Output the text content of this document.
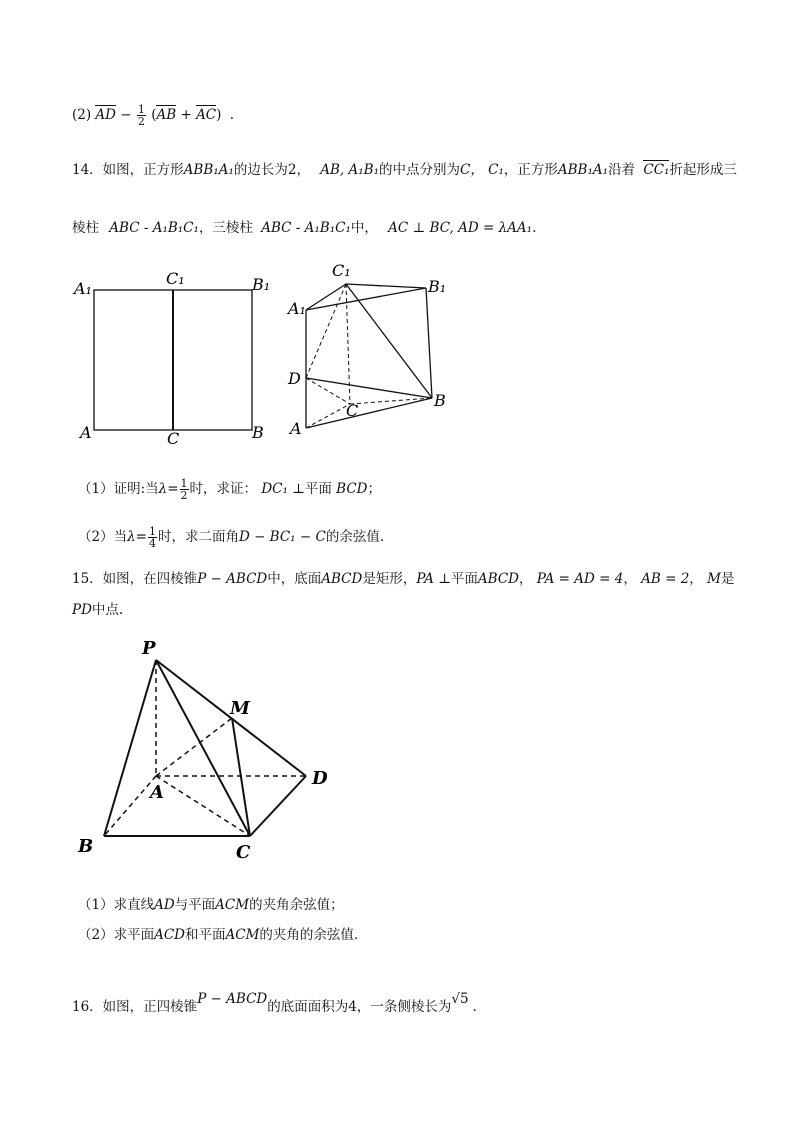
(2) AD − $\frac{1}{2} (AB + AC)$ .
14．如图，正方形ABB₁A₁的边长为2， AB, A₁B₁的中点分别为C， C₁，正方形ABB₁A₁沿着 CC₁折起形成三
棱柱 ABC - A₁B₁C₁，三棱柱 ABC - A₁B₁C₁中， AC ⊥ BC, AD = λAA₁.
A₁
C₁	B₁
A	C	B
C₁
B₁
A₁
D
C
B
A
（1）证明:当$\lambda= \frac{1}{2}$ 时，求证： DC₁ ⊥平面 BCD；
（2）当$\lambda= \frac{1}{4}$ 时，求二面角D − BC₁ − C的余弦值.
15．如图，在四棱锥P − ABCD中，底面ABCD是矩形，PA ⊥平面ABCD， PA = AD = 4， AB = 2， M是
PD中点.
P
M
A
D
B	C
（1）求直线AD与平面ACM的夹角余弦值；
（2）求平面ACD和平面ACM的夹角的余弦值.
16．如图，正四棱锥P − ABCD的底面面积为4，一条侧棱长为√5 .
